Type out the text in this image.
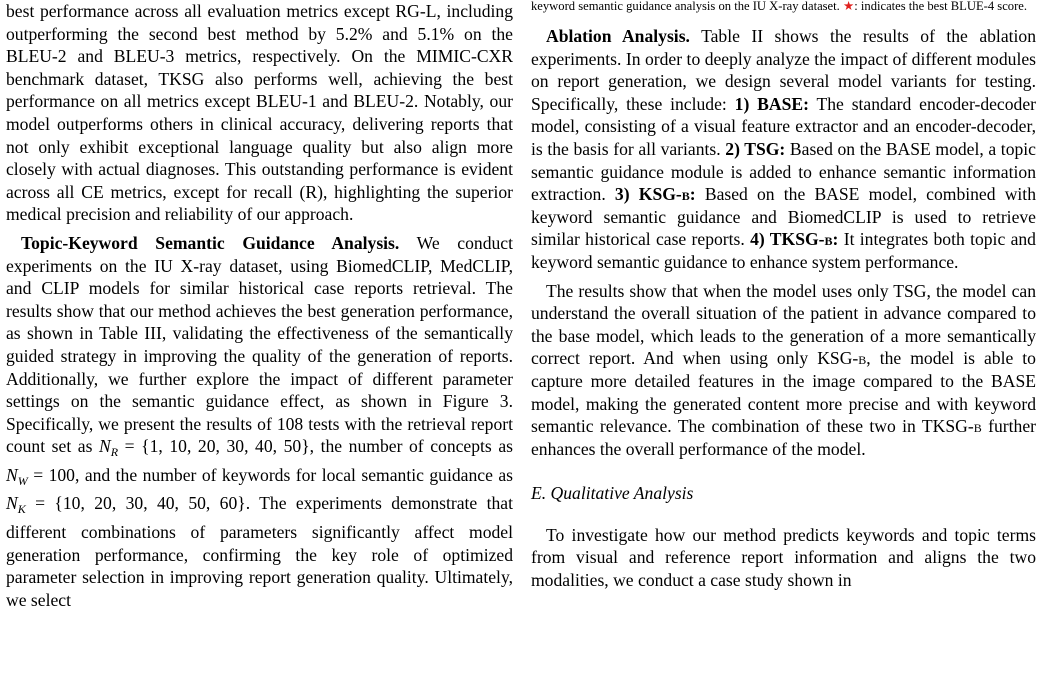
best performance across all evaluation metrics except RG-L, including outperforming the second best method by 5.2% and 5.1% on the BLEU-2 and BLEU-3 metrics, respectively. On the MIMIC-CXR benchmark dataset, TKSG also performs well, achieving the best performance on all metrics except BLEU-1 and BLEU-2. Notably, our model outperforms others in clinical accuracy, delivering reports that not only exhibit exceptional language quality but also align more closely with actual diagnoses. This outstanding performance is evident across all CE metrics, except for recall (R), highlighting the superior medical precision and reliability of our approach.

Topic-Keyword Semantic Guidance Analysis. We conduct experiments on the IU X-ray dataset, using BiomedCLIP, MedCLIP, and CLIP models for similar historical case reports retrieval. The results show that our method achieves the best generation performance, as shown in Table III, validating the effectiveness of the semantically guided strategy in improving the quality of the generation of reports. Additionally, we further explore the impact of different parameter settings on the semantic guidance effect, as shown in Figure 3. Specifically, we present the results of 108 tests with the retrieval report count set as $N_R = \{1$, 10, 20, 30, 40, 50}, the number of concepts as $N_W = 100$, and the number of keywords for local semantic guidance as $N_K = \{10$, 20, 30, 40, 50, 60}. The experiments demonstrate that different combinations of parameters significantly affect model generation performance, confirming the key role of optimized parameter selection in improving report generation quality. Ultimately, we select

keyword semantic guidance analysis on the IU X-ray dataset. ★: indicates the best BLUE-4 score.

Ablation Analysis. Table II shows the results of the ablation experiments. In order to deeply analyze the impact of different modules on report generation, we design several model variants for testing. Specifically, these include: 1) BASE: The standard encoder-decoder model, consisting of a visual feature extractor and an encoder-decoder, is the basis for all variants. 2) TSG: Based on the BASE model, a topic semantic guidance module is added to enhance semantic information extraction. 3) KSG-b: Based on the BASE model, combined with keyword semantic guidance and BiomedCLIP is used to retrieve similar historical case reports. 4) TKSG-b: It integrates both topic and keyword semantic guidance to enhance system performance.

The results show that when the model uses only TSG, the model can understand the overall situation of the patient in advance compared to the base model, which leads to the generation of a more semantically correct report. And when using only KSG-b, the model is able to capture more detailed features in the image compared to the BASE model, making the generated content more precise and with keyword semantic relevance. The combination of these two in TKSG-b further enhances the overall performance of the model.

E. Qualitative Analysis

To investigate how our method predicts keywords and topic terms from visual and reference report information and aligns the two modalities, we conduct a case study shown in
